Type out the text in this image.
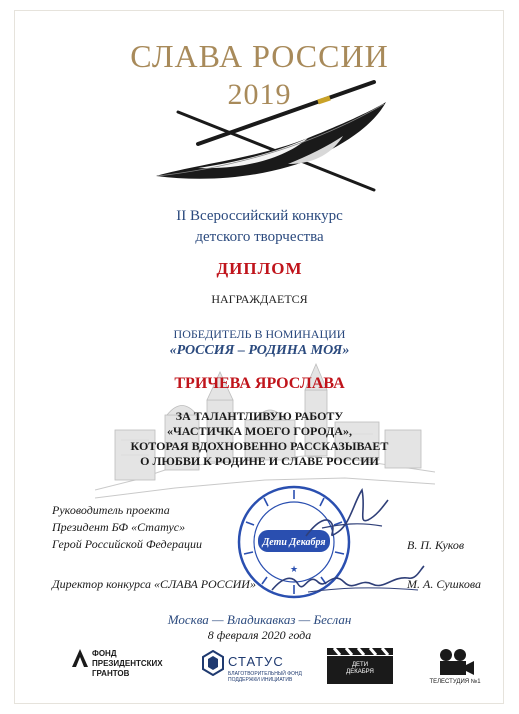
СЛАВА РОССИИ
2019
II Всероссийский конкурс
детского творчества
ДИПЛОМ
НАГРАЖДАЕТСЯ
ПОБЕДИТЕЛЬ В НОМИНАЦИИ
«РОССИЯ – РОДИНА МОЯ»
ТРИЧЕВА ЯРОСЛАВА
ЗА ТАЛАНТЛИВУЮ РАБОТУ
«ЧАСТИЧКА МОЕГО ГОРОДА»,
КОТОРАЯ ВДОХНОВЕННО РАССКАЗЫВАЕТ
О ЛЮБВИ К РОДИНЕ И СЛАВЕ РОССИИ
Дети Декабря
★
Руководитель проекта
Президент БФ «Статус»
Герой Российской Федерации	В. П. Куков
Директор конкурса «СЛАВА РОССИИ»	М. А. Сушкова
Москва — Владикавказ — Беслан
8 февраля 2020 года
ФОНД
ПРЕЗИДЕНТСКИХ
ГРАНТОВ
СТАТУС
БЛАГОТВОРИТЕЛЬНЫЙ ФОНД
ПОДДЕРЖКИ ИНИЦИАТИВ
ДЕТИ
ДЕКАБРЯ
ТЕЛЕСТУДИЯ №1
